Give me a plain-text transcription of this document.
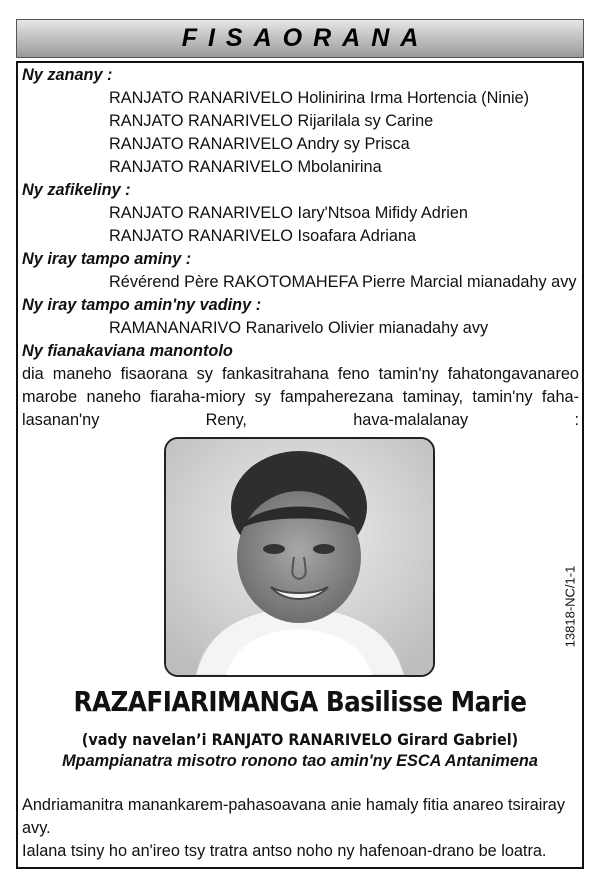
FISAORANA
Ny zanany :
RANJATO RANARIVELO Holinirina Irma Hortencia (Ninie)
RANJATO RANARIVELO Rijarilala sy Carine
RANJATO RANARIVELO Andry sy Prisca
RANJATO RANARIVELO Mbolanirina
Ny zafikeliny :
RANJATO RANARIVELO Iary'Ntsoa Mifidy Adrien
RANJATO RANARIVELO Isoafara Adriana
Ny iray tampo aminy :
Révérend Père RAKOTOMAHEFA Pierre Marcial mianadahy avy
Ny iray tampo amin'ny vadiny :
RAMANANARIVO Ranarivelo Olivier mianadahy avy
Ny fianakaviana manontolo
dia maneho fisaorana sy fankasitrahana feno tamin'ny fahatongavanareo
marobe naneho fiaraha-miory sy fampaherezana taminay, tamin'ny faha-
lasanan'ny Reny, hava-malalanay :
13818-NC/1-1
RAZAFIARIMANGA Basilisse Marie
(vady navelan’i RANJATO RANARIVELO Girard Gabriel)
Mpampianatra misotro ronono tao amin'ny ESCA Antanimena
Andriamanitra manankarem-pahasoavana anie hamaly fitia anareo tsirairay avy.
Ialana tsiny ho an'ireo tsy tratra antso noho ny hafenoan-drano be loatra.
